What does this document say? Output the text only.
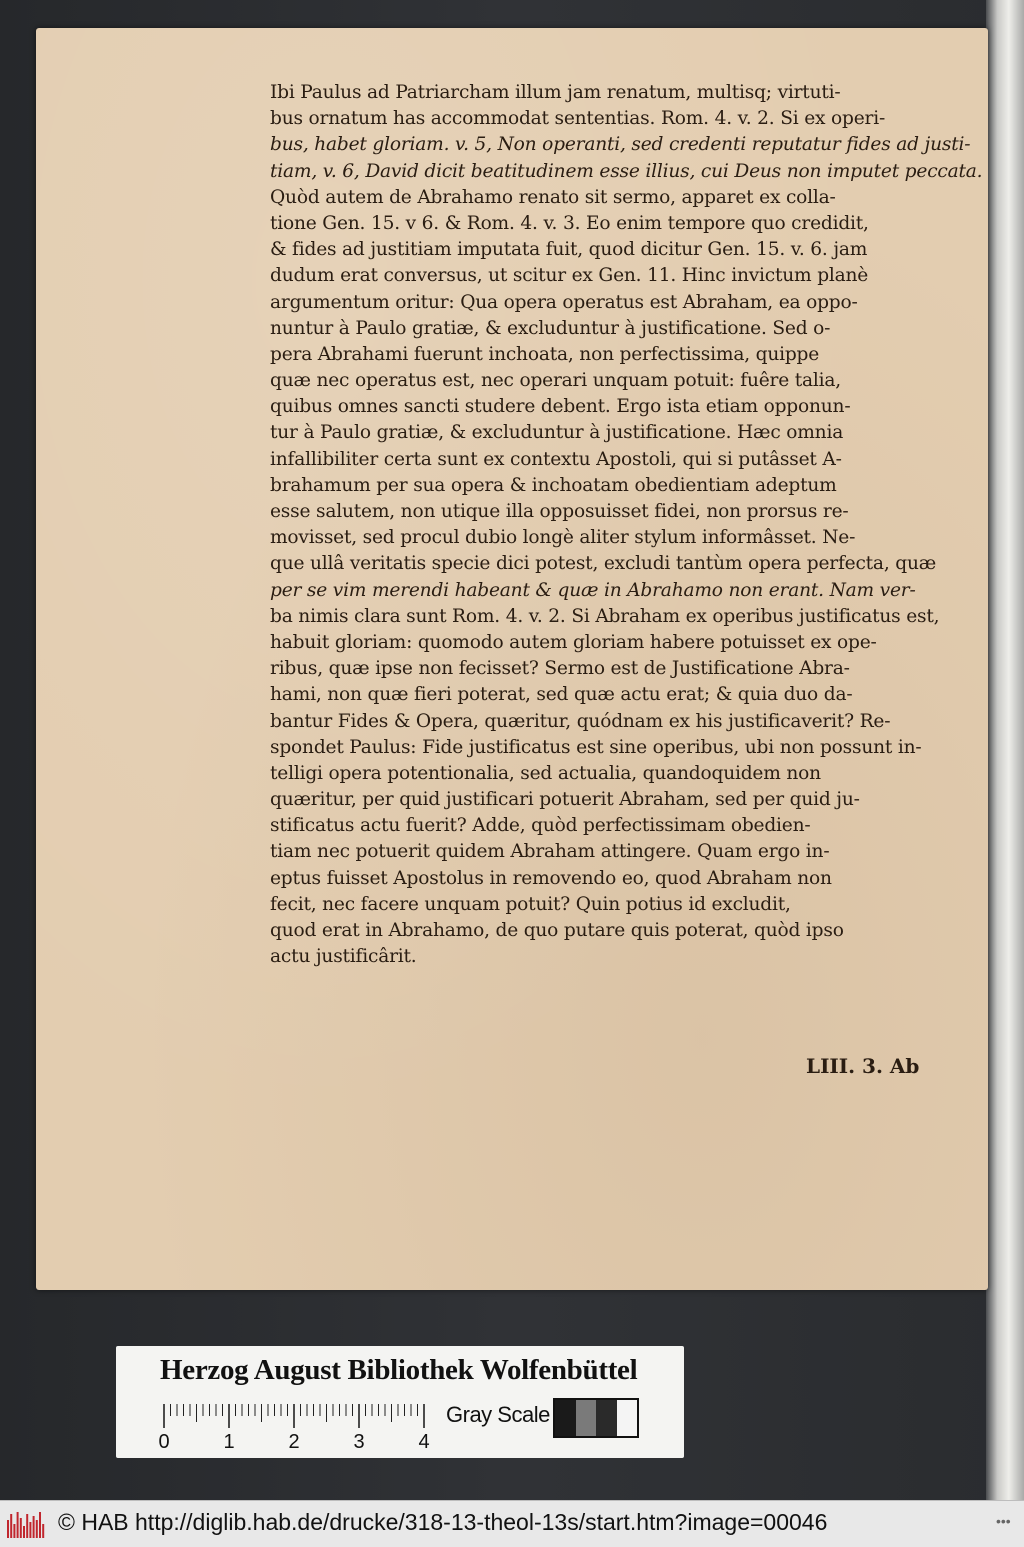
Ibi Paulus ad Patriarcham illum jam renatum, multisq; virtuti-
bus ornatum has accommodat sententias. Rom. 4. v. 2. Si ex operi-
bus, habet gloriam. v. 5, Non operanti, sed credenti reputatur fides ad justi-
tiam, v. 6, David dicit beatitudinem esse illius, cui Deus non imputet peccata.
Quòd autem de Abrahamo renato sit sermo, apparet ex colla-
tione Gen. 15. v 6. & Rom. 4. v. 3. Eo enim tempore quo credidit,
& fides ad justitiam imputata fuit, quod dicitur Gen. 15. v. 6. jam
dudum erat conversus, ut scitur ex Gen. 11. Hinc invictum planè
argumentum oritur: Qua opera operatus est Abraham, ea oppo-
nuntur à Paulo gratiæ, & excluduntur à justificatione. Sed o-
pera Abrahami fuerunt inchoata, non perfectissima, quippe
quæ nec operatus est, nec operari unquam potuit: fuêre talia,
quibus omnes sancti studere debent. Ergo ista etiam opponun-
tur à Paulo gratiæ, & excluduntur à justificatione. Hæc omnia
infallibiliter certa sunt ex contextu Apostoli, qui si putâsset A-
brahamum per sua opera & inchoatam obedientiam adeptum
esse salutem, non utique illa opposuisset fidei, non prorsus re-
movisset, sed procul dubio longè aliter stylum informâsset. Ne-
que ullâ veritatis specie dici potest, excludi tantùm opera perfecta, quæ
per se vim merendi habeant & quæ in Abrahamo non erant. Nam ver-
ba nimis clara sunt Rom. 4. v. 2. Si Abraham ex operibus justificatus est,
habuit gloriam: quomodo autem gloriam habere potuisset ex ope-
ribus, quæ ipse non fecisset? Sermo est de Justificatione Abra-
hami, non quæ fieri poterat, sed quæ actu erat; & quia duo da-
bantur Fides & Opera, quæritur, quódnam ex his justificaverit? Re-
spondet Paulus: Fide justificatus est sine operibus, ubi non possunt in-
telligi opera potentionalia, sed actualia, quandoquidem non
quæritur, per quid justificari potuerit Abraham, sed per quid ju-
stificatus actu fuerit? Adde, quòd perfectissimam obedien-
tiam nec potuerit quidem Abraham attingere. Quam ergo in-
eptus fuisset Apostolus in removendo eo, quod Abraham non
fecit, nec facere unquam potuit? Quin potius id excludit,
quod erat in Abrahamo, de quo putare quis poterat, quòd ipso
actu justificârit.
LIII. 3. Ab
Herzog August Bibliothek Wolfenbüttel
0	1	2	3	4
Gray Scale
© HAB http://diglib.hab.de/drucke/318-13-theol-13s/start.htm?image=00046	•••
